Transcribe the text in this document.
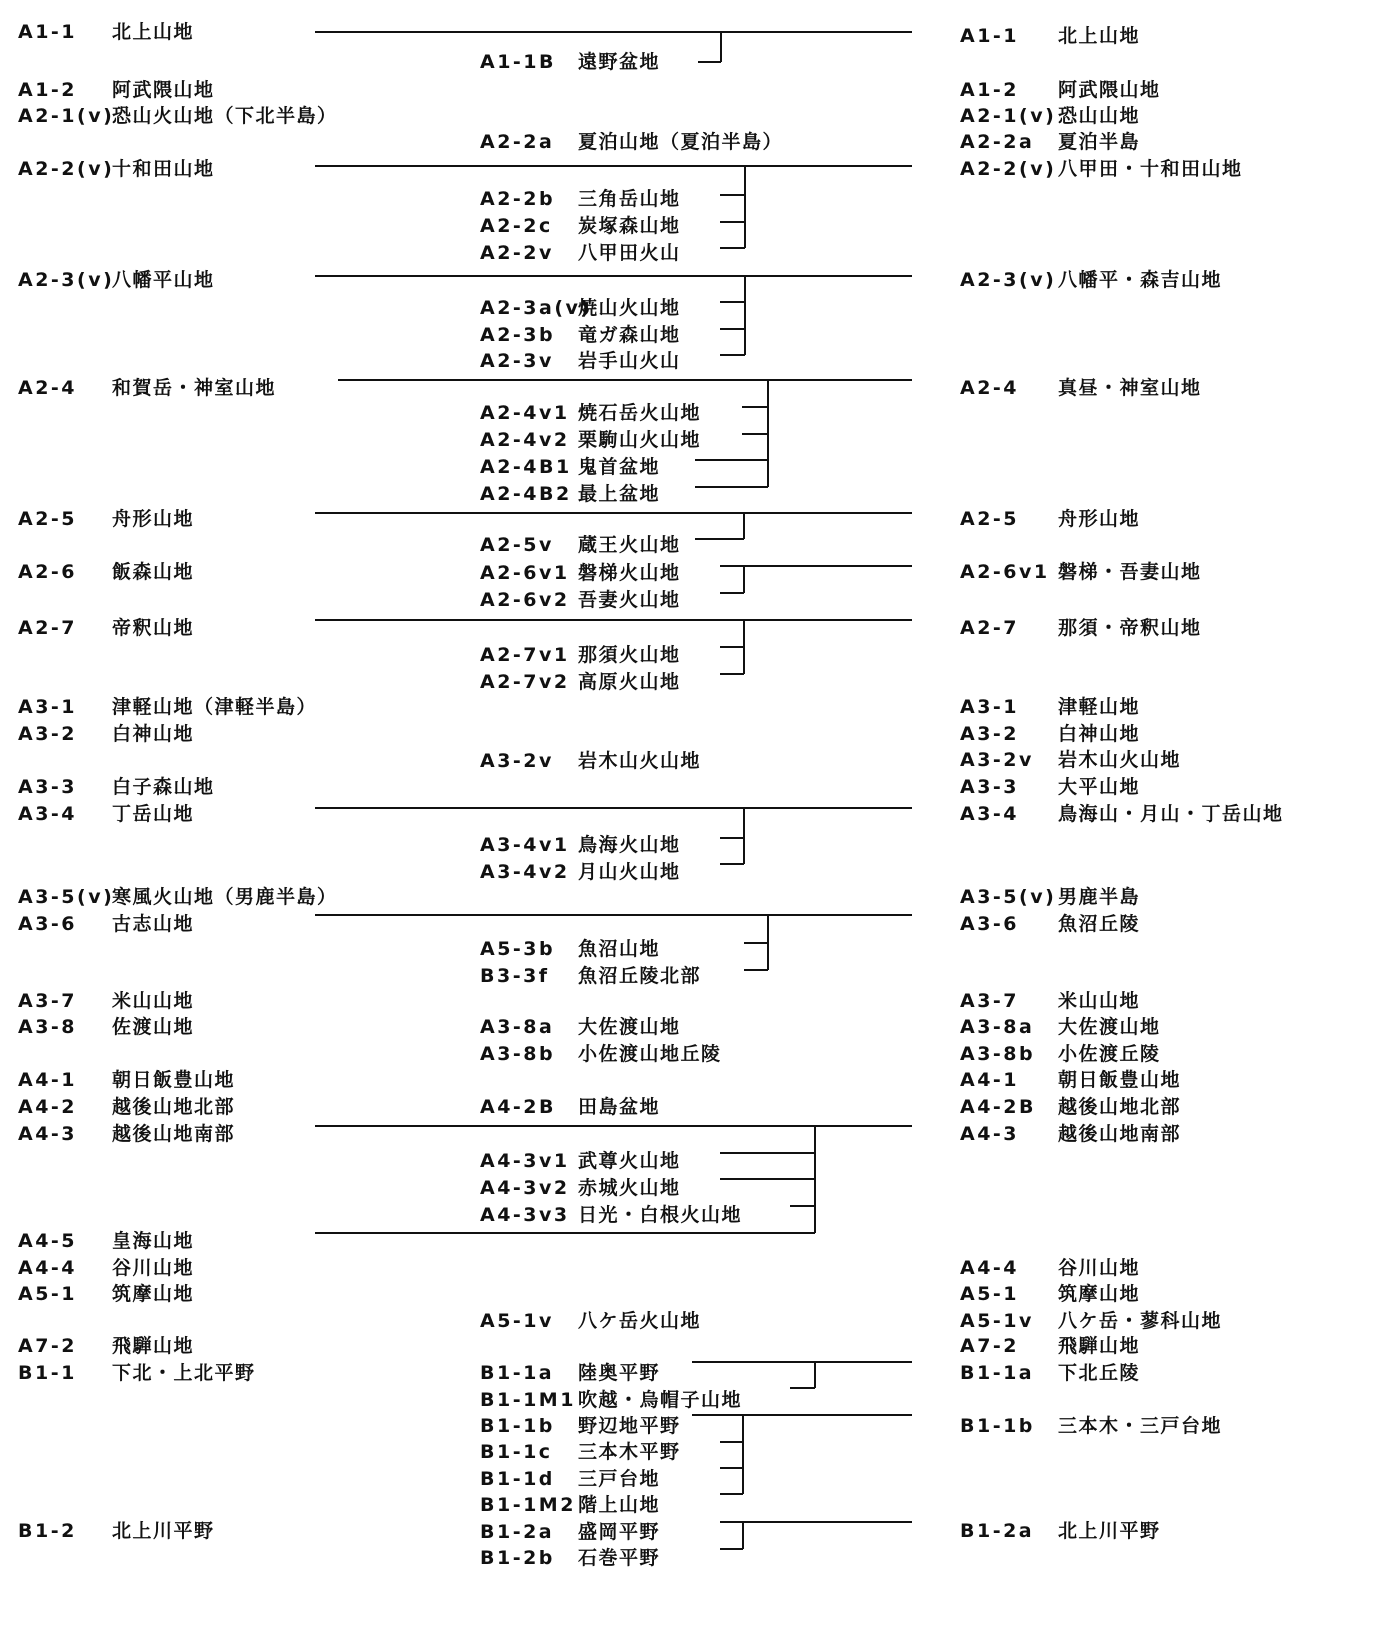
A1-1 北上山地
A1-2 阿武隈山地
A2-1(v)
恐山火山地（下北半島）
A2-2(v)
十和田山地
A2-3(v)
八幡平山地
A2-4 和賀岳・神室山地
A2-5 舟形山地
A2-6 飯森山地
A2-7 帝釈山地
A3-1 津軽山地（津軽半島）
A3-2 白神山地
A3-3 白子森山地
A3-4 丁岳山地
A3-5(v)
寒風火山地（男鹿半島）
A3-6 古志山地
A3-7 米山山地
A3-8 佐渡山地
A4-1 朝日飯豊山地
A4-2 越後山地北部
A4-3 越後山地南部
A4-5 皇海山地
A4-4 谷川山地
A5-1 筑摩山地
A7-2 飛騨山地
B1-1 下北・上北平野
B1-2 北上川平野
A1-1B 遠野盆地
A2-2a 夏泊山地（夏泊半島）
A2-2b 三角岳山地
A2-2c 炭塚森山地
A2-2v 八甲田火山
A2-3a(v)
焼山火山地
A2-3b 竜ガ森山地
A2-3v 岩手山火山
A2-4v1 焼石岳火山地
A2-4v2 栗駒山火山地
A2-4B1 鬼首盆地
A2-4B2 最上盆地
A2-5v 蔵王火山地
A2-6v1 磐梯火山地
A2-6v2 吾妻火山地
A2-7v1 那須火山地
A2-7v2 高原火山地
A3-2v 岩木山火山地
A3-4v1 鳥海火山地
A3-4v2 月山火山地
A5-3b 魚沼山地
B3-3f 魚沼丘陵北部
A3-8a 大佐渡山地
A3-8b 小佐渡山地丘陵
A4-2B 田島盆地
A4-3v1 武尊火山地
A4-3v2 赤城火山地
A4-3v3 日光・白根火山地
A5-1v 八ケ岳火山地
B1-1a 陸奥平野
B1-1M1 吹越・烏帽子山地
B1-1b 野辺地平野
B1-1c 三本木平野
B1-1d 三戸台地
B1-1M2 階上山地
B1-2a 盛岡平野
B1-2b 石巻平野
A1-1 北上山地
A1-2 阿武隈山地
A2-1(v) 恐山山地
A2-2a 夏泊半島
A2-2(v) 八甲田・十和田山地
A2-3(v) 八幡平・森吉山地
A2-4 真昼・神室山地
A2-5 舟形山地
A2-6v1 磐梯・吾妻山地
A2-7 那須・帝釈山地
A3-1 津軽山地
A3-2 白神山地
A3-2v 岩木山火山地
A3-3 大平山地
A3-4 鳥海山・月山・丁岳山地
A3-5(v) 男鹿半島
A3-6 魚沼丘陵
A3-7 米山山地
A3-8a 大佐渡山地
A3-8b 小佐渡丘陵
A4-1 朝日飯豊山地
A4-2B 越後山地北部
A4-3 越後山地南部
A4-4 谷川山地
A5-1 筑摩山地
A5-1v 八ケ岳・蓼科山地
A7-2 飛騨山地
B1-1a 下北丘陵
B1-1b 三本木・三戸台地
B1-2a 北上川平野
